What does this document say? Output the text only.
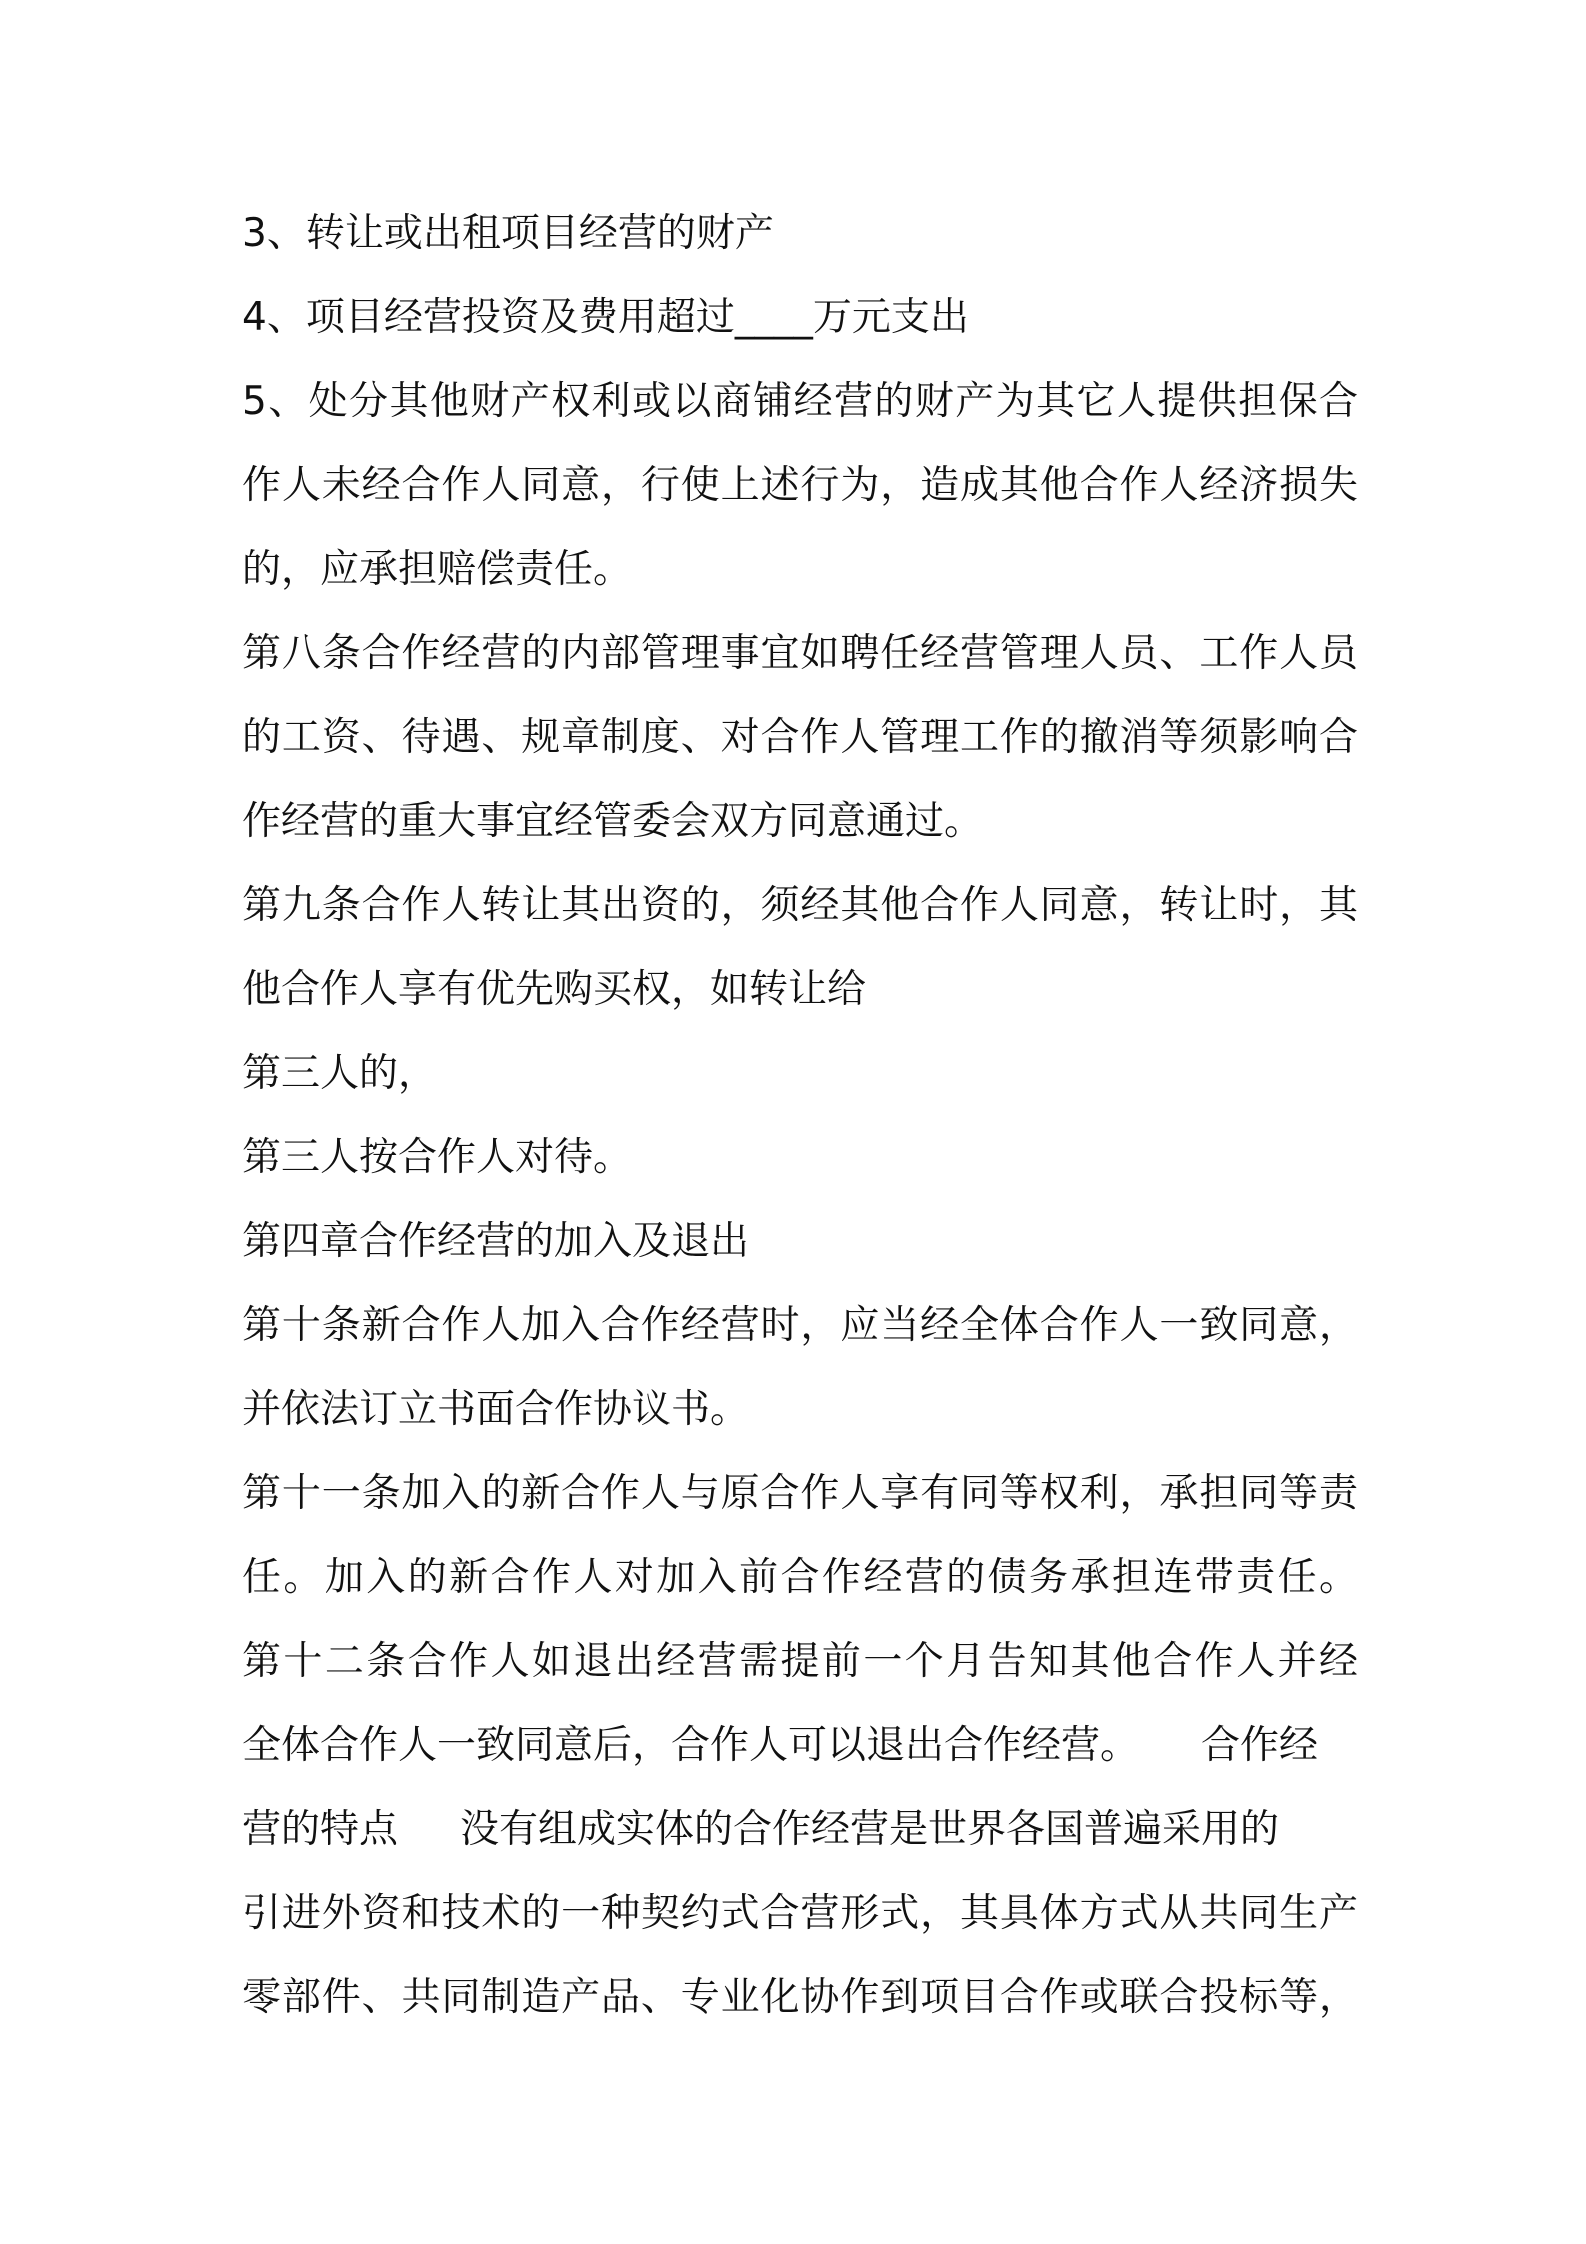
3、转让或出租项目经营的财产
4、项目经营投资及费用超过____万元支出
5、处分其他财产权利或以商铺经营的财产为其它人提供担保合
作人未经合作人同意，行使上述行为，造成其他合作人经济损失
的，应承担赔偿责任。
第八条合作经营的内部管理事宜如聘任经营管理人员、工作人员
的工资、待遇、规章制度、对合作人管理工作的撤消等须影响合
作经营的重大事宜经管委会双方同意通过。
第九条合作人转让其出资的，须经其他合作人同意，转让时，其
他合作人享有优先购买权，如转让给
第三人的，
第三人按合作人对待。
第四章合作经营的加入及退出
第十条新合作人加入合作经营时，应当经全体合作人一致同意，
并依法订立书面合作协议书。
第十一条加入的新合作人与原合作人享有同等权利，承担同等责
任。加入的新合作人对加入前合作经营的债务承担连带责任。
第十二条合作人如退出经营需提前一个月告知其他合作人并经
全体合作人一致同意后，合作人可以退出合作经营。     合作经
营的特点     没有组成实体的合作经营是世界各国普遍采用的
引进外资和技术的一种契约式合营形式，其具体方式从共同生产
零部件、共同制造产品、专业化协作到项目合作或联合投标等，
